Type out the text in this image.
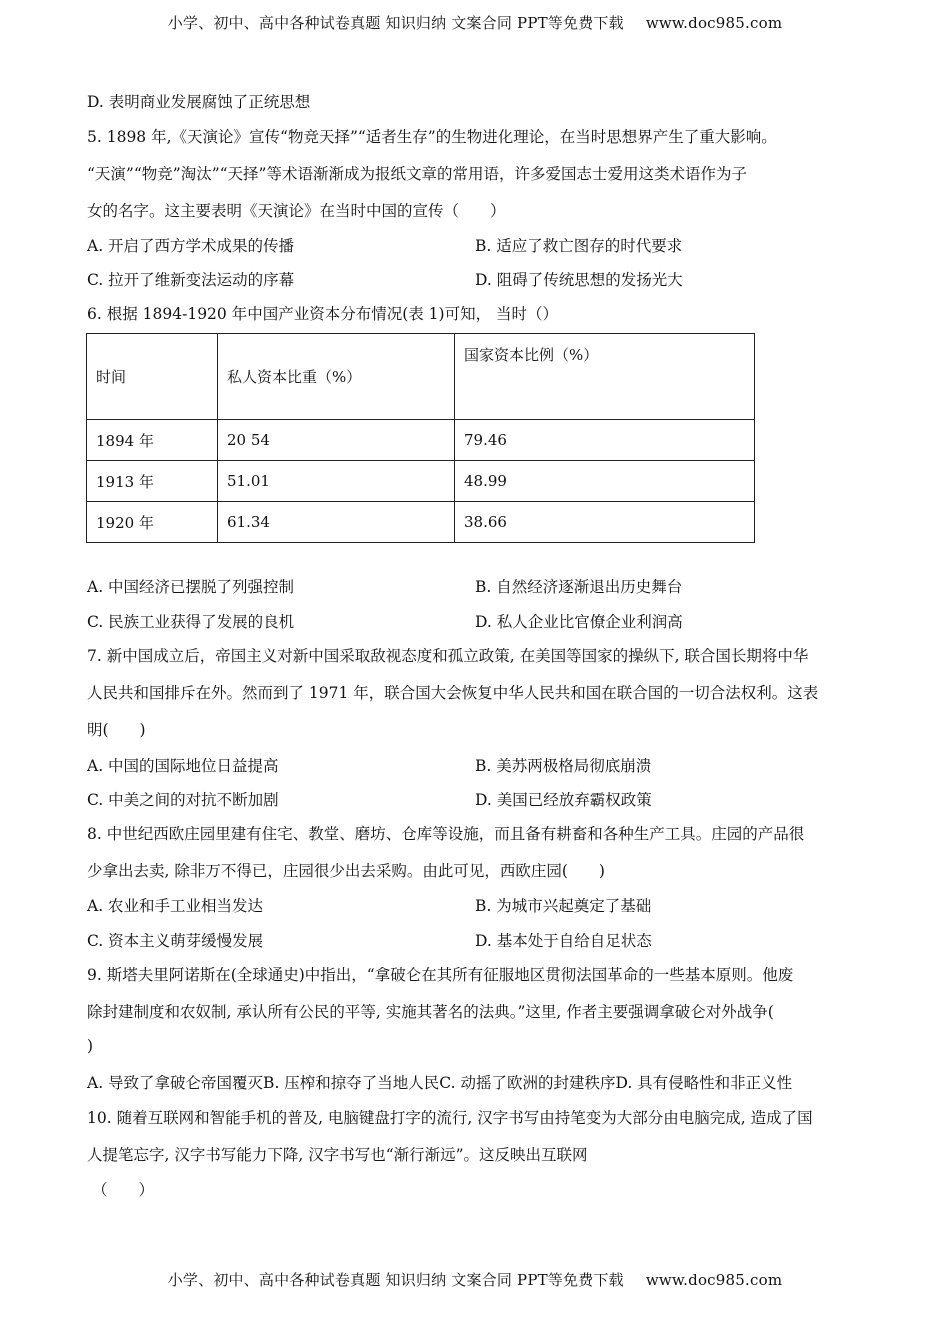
小学、初中、高中各种试卷真题 知识归纳 文案合同 PPT等免费下载 www.doc985.com
D. 表明商业发展腐蚀了正统思想
5. 1898 年,《天演论》宣传“物竞天择”“适者生存”的生物进化理论，在当时思想界产生了重大影响。
“天演”“物竞”淘汰”“天择”等术语渐渐成为报纸文章的常用语，许多爱国志士爱用这类术语作为子
女的名字。这主要表明《天演论》在当时中国的宣传（　　）
A. 开启了西方学术成果的传播	B. 适应了救亡图存的时代要求
C. 拉开了维新变法运动的序幕	D. 阻碍了传统思想的发扬光大
6. 根据 1894-1920 年中国产业资本分布情况(表 1)可知， 当时（）
时间	私人资本比重（%）	国家资本比例（%）
1894 年	20 54	79.46
1913 年	51.01	48.99
1920 年	61.34	38.66
A. 中国经济已摆脱了列强控制	B. 自然经济逐渐退出历史舞台
C. 民族工业获得了发展的良机	D. 私人企业比官僚企业利润高
7. 新中国成立后，帝国主义对新中国采取敌视态度和孤立政策, 在美国等国家的操纵下, 联合国长期将中华
人民共和国排斥在外。然而到了 1971 年，联合国大会恢复中华人民共和国在联合国的一切合法权利。这表
明(　　)
A. 中国的国际地位日益提高	B. 美苏两极格局彻底崩溃
C. 中美之间的对抗不断加剧	D. 美国已经放弃霸权政策
8. 中世纪西欧庄园里建有住宅、教堂、磨坊、仓库等设施，而且备有耕畜和各种生产工具。庄园的产品很
少拿出去卖, 除非万不得已，庄园很少出去采购。由此可见，西欧庄园(　　)
A. 农业和手工业相当发达	B. 为城市兴起奠定了基础
C. 资本主义萌芽缓慢发展	D. 基本处于自给自足状态
9. 斯塔夫里阿诺斯在(全球通史)中指出，“拿破仑在其所有征服地区贯彻法国革命的一些基本原则。他废
除封建制度和农奴制, 承认所有公民的平等, 实施其著名的法典。”这里, 作者主要强调拿破仑对外战争(
)
A. 导致了拿破仑帝国覆灭B. 压榨和掠夺了当地人民C. 动摇了欧洲的封建秩序D. 具有侵略性和非正义性
10. 随着互联网和智能手机的普及, 电脑键盘打字的流行, 汉字书写由持笔变为大部分由电脑完成, 造成了国
人提笔忘字, 汉字书写能力下降, 汉字书写也“渐行渐远”。这反映出互联网
（　　）
小学、初中、高中各种试卷真题 知识归纳 文案合同 PPT等免费下载 www.doc985.com
